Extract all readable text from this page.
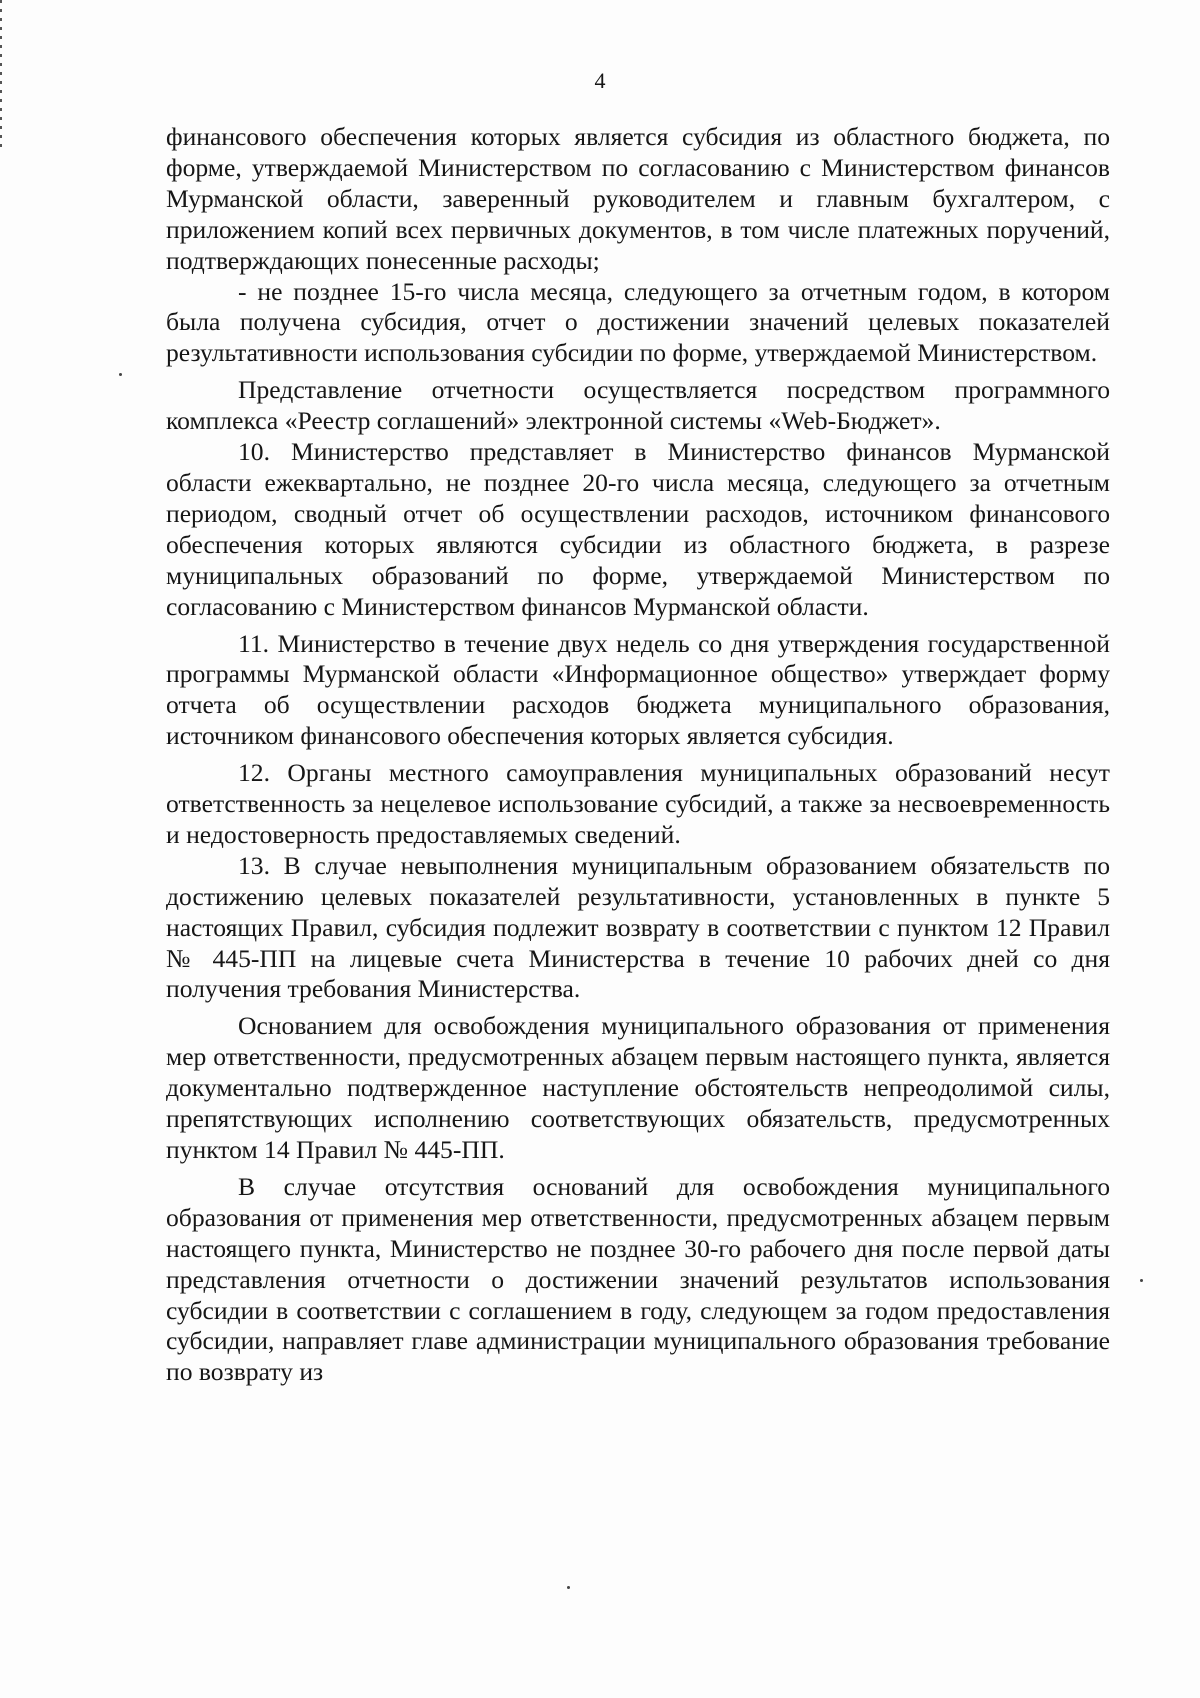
4

финансового обеспечения которых является субсидия из областного бюджета, по форме, утверждаемой Министерством по согласованию с Министерством финансов Мурманской области, заверенный руководителем и главным бухгалтером, с приложением копий всех первичных документов, в том числе платежных поручений, подтверждающих понесенные расходы;

- не позднее 15-го числа месяца, следующего за отчетным годом, в котором была получена субсидия, отчет о достижении значений целевых показателей результативности использования субсидии по форме, утверждаемой Министерством.

Представление отчетности осуществляется посредством программного комплекса «Реестр соглашений» электронной системы «Web-Бюджет».

10. Министерство представляет в Министерство финансов Мурманской области ежеквартально, не позднее 20-го числа месяца, следующего за отчетным периодом, сводный отчет об осуществлении расходов, источником финансового обеспечения которых являются субсидии из областного бюджета, в разрезе муниципальных образований по форме, утверждаемой Министерством по согласованию с Министерством финансов Мурманской области.

11. Министерство в течение двух недель со дня утверждения государственной программы Мурманской области «Информационное общество» утверждает форму отчета об осуществлении расходов бюджета муниципального образования, источником финансового обеспечения которых является субсидия.

12. Органы местного самоуправления муниципальных образований несут ответственность за нецелевое использование субсидий, а также за несвоевременность и недостоверность предоставляемых сведений.

13. В случае невыполнения муниципальным образованием обязательств по достижению целевых показателей результативности, установленных в пункте 5 настоящих Правил, субсидия подлежит возврату в соответствии с пунктом 12 Правил № 445-ПП на лицевые счета Министерства в течение 10 рабочих дней со дня получения требования Министерства.

Основанием для освобождения муниципального образования от применения мер ответственности, предусмотренных абзацем первым настоящего пункта, является документально подтвержденное наступление обстоятельств непреодолимой силы, препятствующих исполнению соответствующих обязательств, предусмотренных пунктом 14 Правил № 445-ПП.

В случае отсутствия оснований для освобождения муниципального образования от применения мер ответственности, предусмотренных абзацем первым настоящего пункта, Министерство не позднее 30-го рабочего дня после первой даты представления отчетности о достижении значений результатов использования субсидии в соответствии с соглашением в году, следующем за годом предоставления субсидии, направляет главе администрации муниципального образования требование по возврату из
